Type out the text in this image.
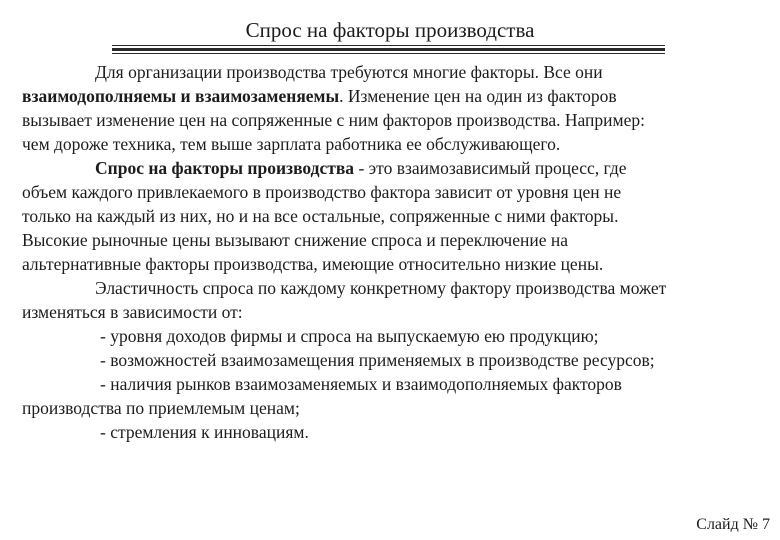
Спрос на факторы производства
Для организации производства требуются многие факторы. Все они
взаимодополняемы и взаимозаменяемы. Изменение цен на один из факторов
вызывает изменение цен на сопряженные с ним факторов производства. Например:
чем дороже техника, тем выше зарплата работника ее обслуживающего.
Спрос на факторы производства - это взаимозависимый процесс, где
объем каждого привлекаемого в производство фактора зависит от уровня цен не
только на каждый из них, но и на все остальные, сопряженные с ними факторы.
Высокие рыночные цены вызывают снижение спроса и переключение на
альтернативные факторы производства, имеющие относительно низкие цены.
Эластичность спроса по каждому конкретному фактору производства может
изменяться в зависимости от:
- уровня доходов фирмы и спроса на выпускаемую ею продукцию;
- возможностей взаимозамещения применяемых в производстве ресурсов;
- наличия рынков взаимозаменяемых и взаимодополняемых факторов
производства по приемлемым ценам;
- стремления к инновациям.
Слайд № 7
